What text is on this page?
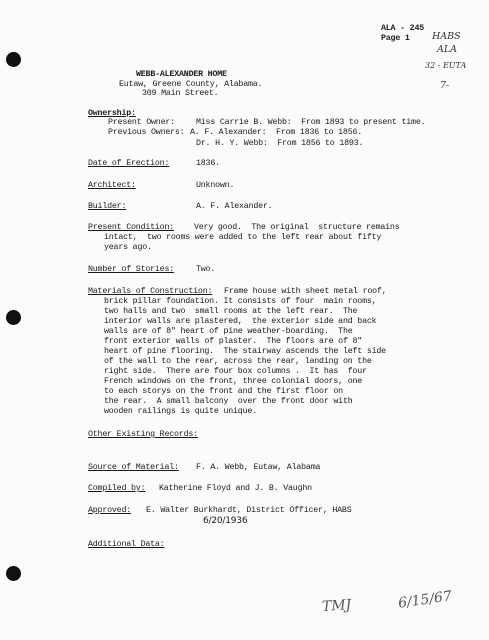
ALA - 245
Page 1 HABS
ALA
32 - EUTA
7-
WEBB-ALEXANDER HOME
Eutaw, Greene County, Alabama.
309 Main Street.
Ownership:
Present Owner:	Miss Carrie B. Webb:  From 1893 to present time.
Previous Owners: A. F. Alexander:  From 1836 to 1856.
Dr. H. Y. Webb:  From 1856 to 1893.
Date of Erection:	1836.
Architect:	Unknown.
Builder:	A. F. Alexander.
Present Condition: Very good.  The original  structure remains
intact,  two rooms were added to the left rear about fifty
years ago.
Number of Stories:	Two.
Materials of Construction: Frame house with sheet metal roof,
brick pillar foundation. It consists of four  main rooms,
two halls and two  small rooms at the left rear.  The
interior walls are plastered,  the exterior side and back
walls are of 8" heart of pine weather-boarding.  The
front exterior walls of plaster.  The floors are of 8"
heart of pine flooring.  The stairway ascends the left side
of the wall to the rear, across the rear, landing on the
right side.  There are four box columns .  It has  four
French windows on the front, three colonial doors, one
to each storys on the front and the first floor on
the rear.  A small balcony  over the front door with
wooden railings is quite unique.
Other Existing Records:
Source of Material: F. A. Webb, Eutaw, Alabama
Compiled by: Katherine Floyd and J. B. Vaughn
Approved: E. Walter Burkhardt, District Officer, HABS
6/20/1936
Additional Data:
TMJ	6/15/67
